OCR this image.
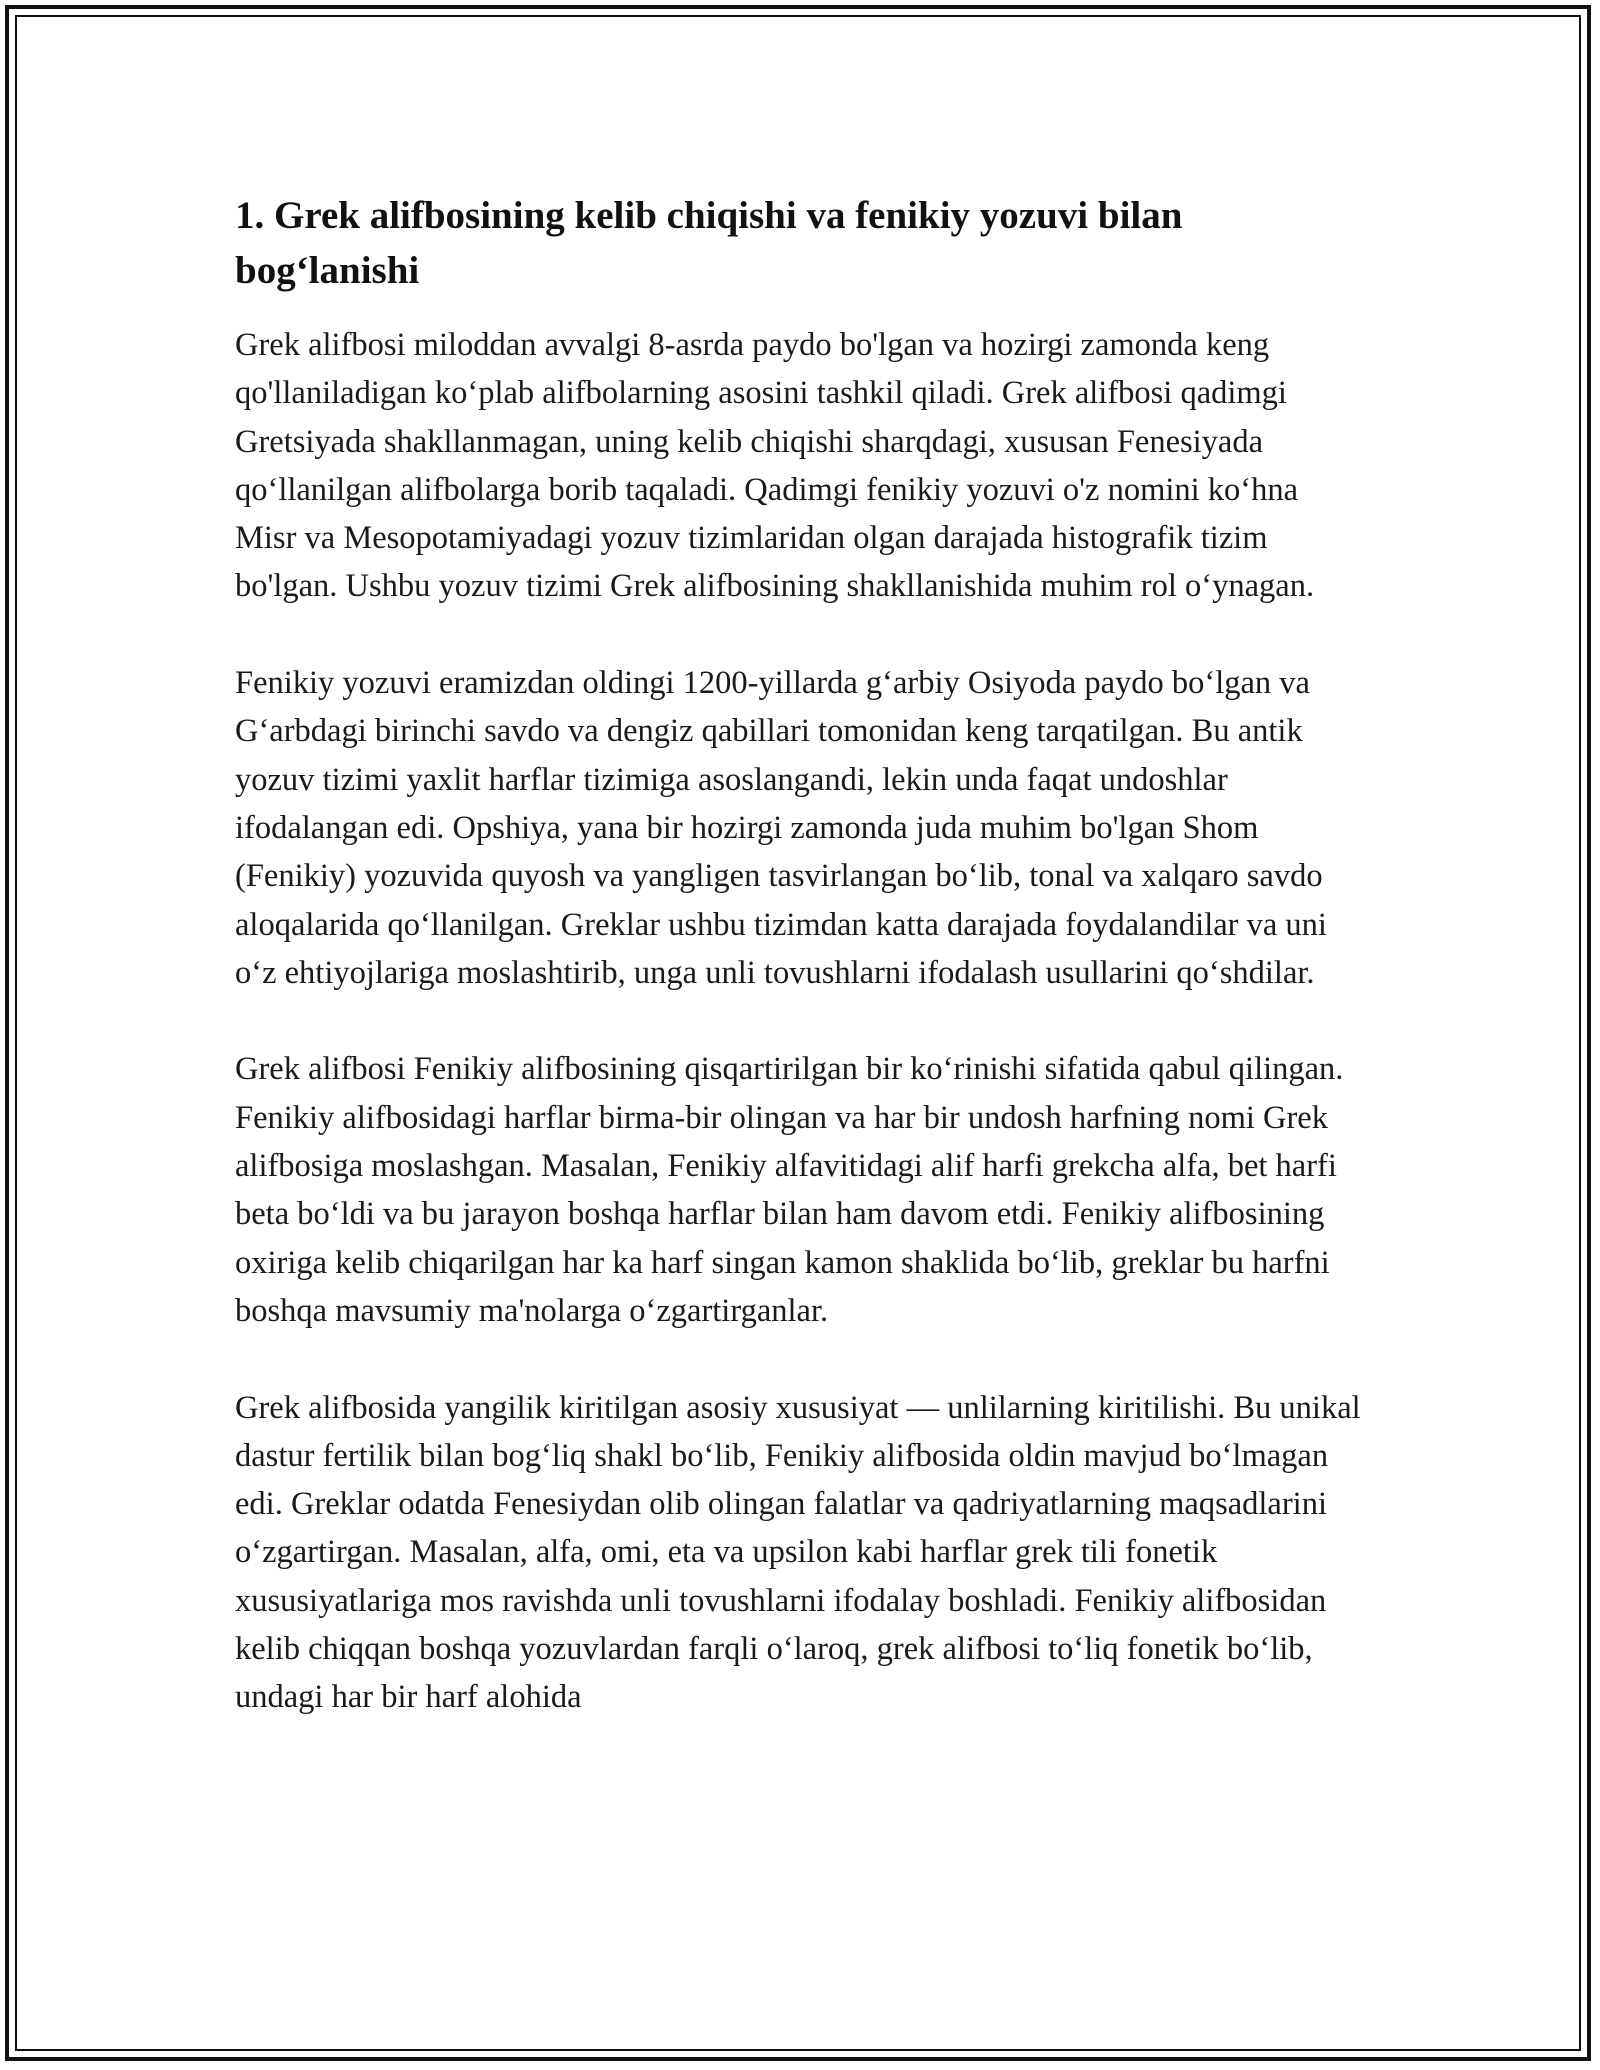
1. Grek alifbosining kelib chiqishi va fenikiy yozuvi bilan bog‘lanishi

Grek alifbosi miloddan avvalgi 8-asrda paydo bo'lgan va hozirgi zamonda keng qo'llaniladigan ko‘plab alifbolarning asosini tashkil qiladi. Grek alifbosi qadimgi Gretsiyada shakllanmagan, uning kelib chiqishi sharqdagi, xususan Fenesiyada qo‘llanilgan alifbolarga borib taqaladi. Qadimgi fenikiy yozuvi o'z nomini ko‘hna Misr va Mesopotamiyadagi yozuv tizimlaridan olgan darajada histografik tizim bo'lgan. Ushbu yozuv tizimi Grek alifbosining shakllanishida muhim rol o‘ynagan.

Fenikiy yozuvi eramizdan oldingi 1200-yillarda g‘arbiy Osiyoda paydo bo‘lgan va G‘arbdagi birinchi savdo va dengiz qabillari tomonidan keng tarqatilgan. Bu antik yozuv tizimi yaxlit harflar tizimiga asoslangandi, lekin unda faqat undoshlar ifodalangan edi. Opshiya, yana bir hozirgi zamonda juda muhim bo'lgan Shom (Fenikiy) yozuvida quyosh va yangligen tasvirlangan bo‘lib, tonal va xalqaro savdo aloqalarida qo‘llanilgan. Greklar ushbu tizimdan katta darajada foydalandilar va uni o‘z ehtiyojlariga moslashtirib, unga unli tovushlarni ifodalash usullarini qo‘shdilar.

Grek alifbosi Fenikiy alifbosining qisqartirilgan bir ko‘rinishi sifatida qabul qilingan. Fenikiy alifbosidagi harflar birma-bir olingan va har bir undosh harfning nomi Grek alifbosiga moslashgan. Masalan, Fenikiy alfavitidagi alif harfi grekcha alfa, bet harfi beta bo‘ldi va bu jarayon boshqa harflar bilan ham davom etdi. Fenikiy alifbosining oxiriga kelib chiqarilgan har ka harf singan kamon shaklida bo‘lib, greklar bu harfni boshqa mavsumiy ma'nolarga o‘zgartirganlar.

Grek alifbosida yangilik kiritilgan asosiy xususiyat — unlilarning kiritilishi. Bu unikal dastur fertilik bilan bog‘liq shakl bo‘lib, Fenikiy alifbosida oldin mavjud bo‘lmagan edi. Greklar odatda Fenesiydan olib olingan falatlar va qadriyatlarning maqsadlarini o‘zgartirgan. Masalan, alfa, omi, eta va upsilon kabi harflar grek tili fonetik xususiyatlariga mos ravishda unli tovushlarni ifodalay boshladi. Fenikiy alifbosidan kelib chiqqan boshqa yozuvlardan farqli o‘laroq, grek alifbosi to‘liq fonetik bo‘lib, undagi har bir harf alohida
